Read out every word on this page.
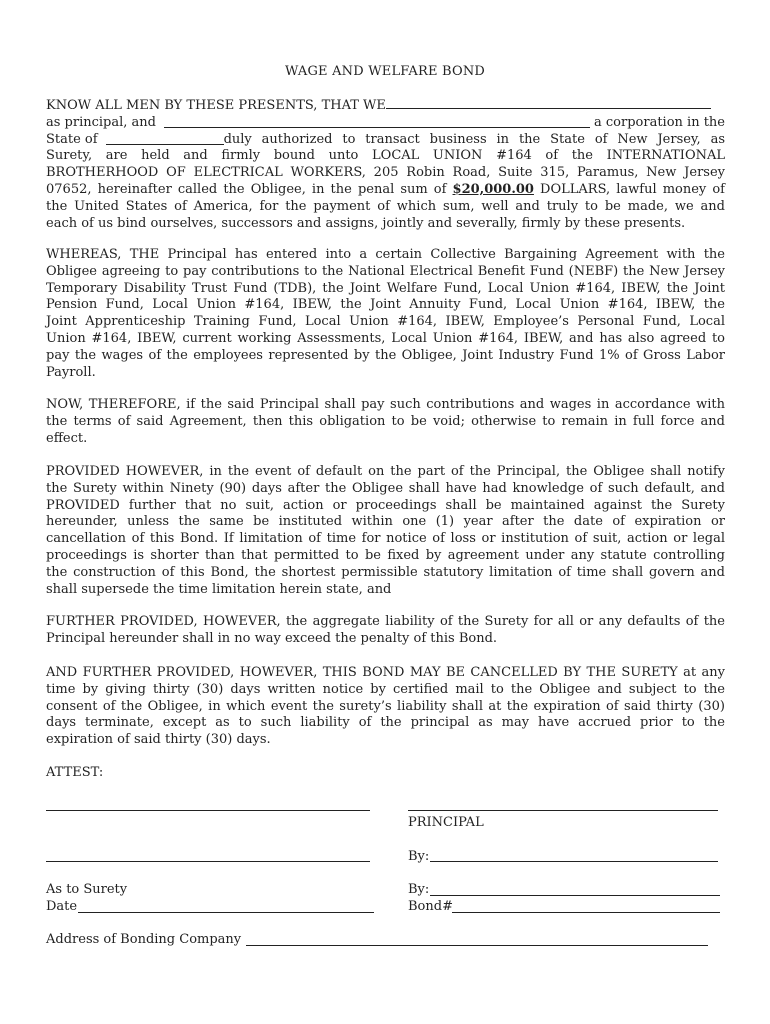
WAGE AND WELFARE BOND
KNOW ALL MEN BY THESE PRESENTS, THAT WE
as principal, and	a corporation in the
State of	duly authorized to transact business in the State of New Jersey, as
Surety, are held and firmly bound unto LOCAL UNION #164 of the INTERNATIONAL
BROTHERHOOD OF ELECTRICAL WORKERS, 205 Robin Road, Suite 315, Paramus, New Jersey
07652, hereinafter called the Obligee, in the penal sum of $20,000.00 DOLLARS, lawful money of
the United States of America, for the payment of which sum, well and truly to be made, we and
each of us bind ourselves, successors and assigns, jointly and severally, firmly by these presents.
WHEREAS, THE Principal has entered into a certain Collective Bargaining Agreement with the
Obligee agreeing to pay contributions to the National Electrical Benefit Fund (NEBF) the New Jersey
Temporary Disability Trust Fund (TDB), the Joint Welfare Fund, Local Union #164, IBEW, the Joint
Pension Fund, Local Union #164, IBEW, the Joint Annuity Fund, Local Union #164, IBEW, the
Joint Apprenticeship Training Fund, Local Union #164, IBEW, Employee’s Personal Fund, Local
Union #164, IBEW, current working Assessments, Local Union #164, IBEW, and has also agreed to
pay the wages of the employees represented by the Obligee, Joint Industry Fund 1% of Gross Labor
Payroll.
NOW, THEREFORE, if the said Principal shall pay such contributions and wages in accordance with
the terms of said Agreement, then this obligation to be void; otherwise to remain in full force and
effect.
PROVIDED HOWEVER, in the event of default on the part of the Principal, the Obligee shall notify
the Surety within Ninety (90) days after the Obligee shall have had knowledge of such default, and
PROVIDED further that no suit, action or proceedings shall be maintained against the Surety
hereunder, unless the same be instituted within one (1) year after the date of expiration or
cancellation of this Bond. If limitation of time for notice of loss or institution of suit, action or legal
proceedings is shorter than that permitted to be fixed by agreement under any statute controlling
the construction of this Bond, the shortest permissible statutory limitation of time shall govern and
shall supersede the time limitation herein state, and
FURTHER PROVIDED, HOWEVER, the aggregate liability of the Surety for all or any defaults of the
Principal hereunder shall in no way exceed the penalty of this Bond.
AND FURTHER PROVIDED, HOWEVER, THIS BOND MAY BE CANCELLED BY THE SURETY at any
time by giving thirty (30) days written notice by certified mail to the Obligee and subject to the
consent of the Obligee, in which event the surety’s liability shall at the expiration of said thirty (30)
days terminate, except as to such liability of the principal as may have accrued prior to the
expiration of said thirty (30) days.
ATTEST:
PRINCIPAL
By:
As to Surety	By:
Date	Bond#
Address of Bonding Company
